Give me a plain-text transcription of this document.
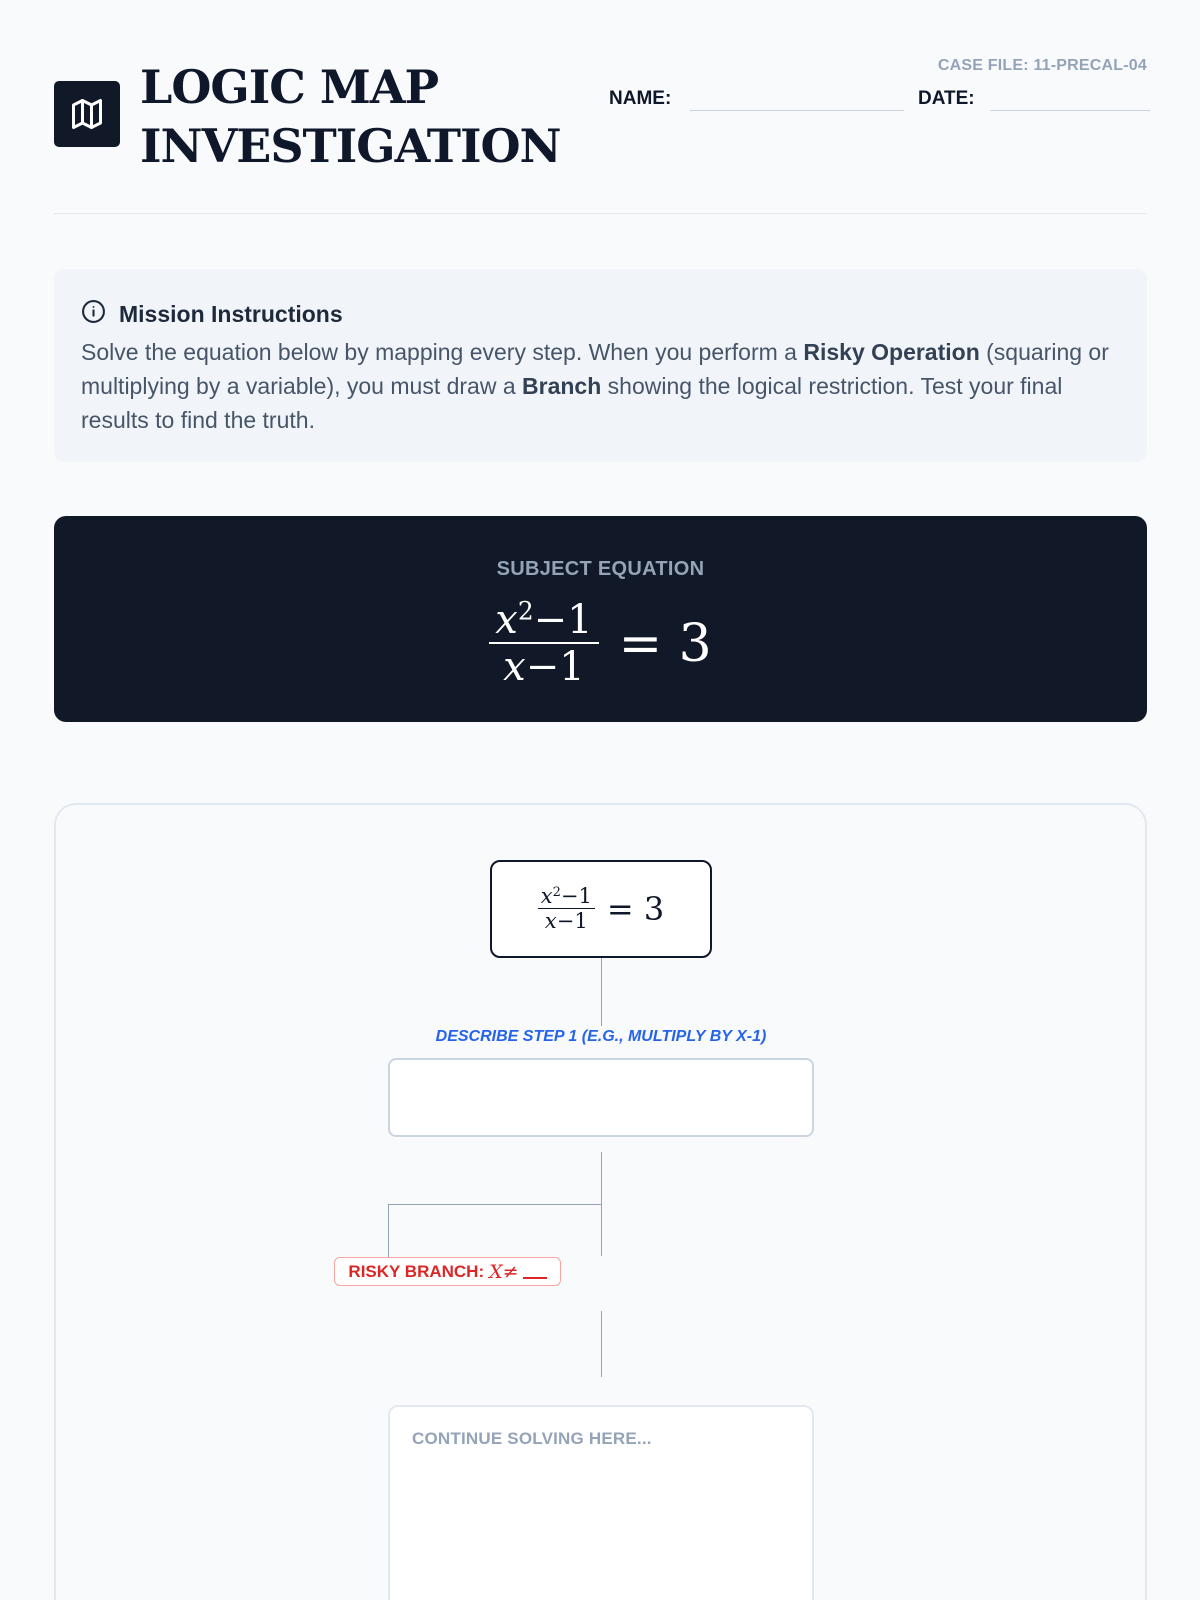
LOGIC MAP
INVESTIGATION
CASE FILE: 11-PRECAL-04
NAME:	DATE:
Mission Instructions
Solve the equation below by mapping every step. When you perform a Risky Operation (squaring or multiplying by a variable), you must draw a Branch showing the logical restriction. Test your final results to find the truth.
SUBJECT EQUATION
$\frac{x^2-1}{x-1} = 3$
$\frac{x^2-1}{x-1} = 3$
DESCRIBE STEP 1 (E.G., MULTIPLY BY X-1)
RISKY BRANCH: X≠
CONTINUE SOLVING HERE...
